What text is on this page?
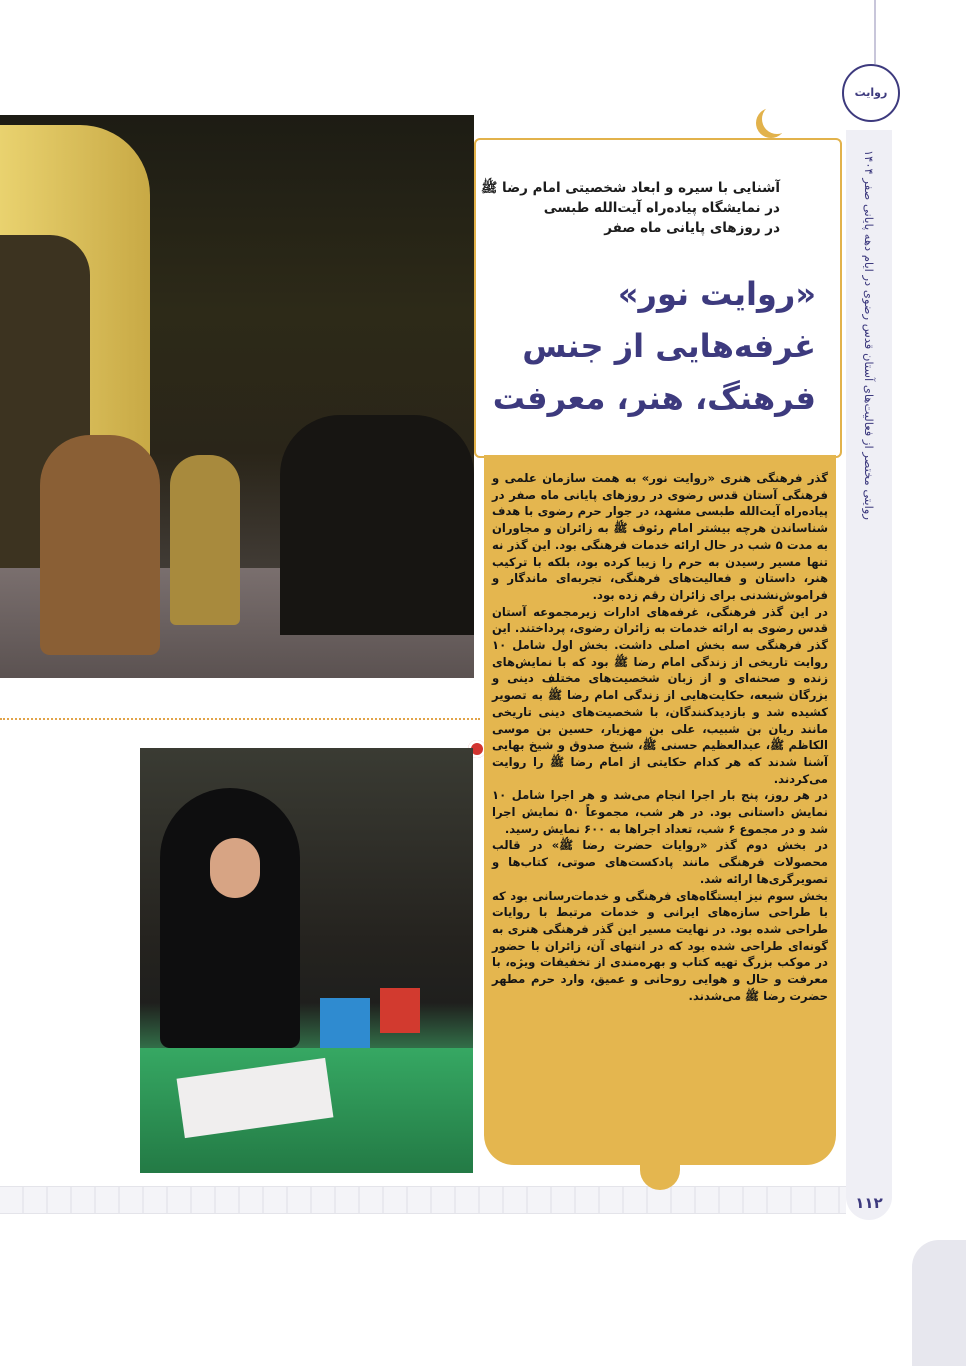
روایت
روایتی مختصر از فعالیت‌های آستان قدس رضوی در ایام دهه پایانی صفر ۱۴۰۴
۱۱۲
آشنایی با سیره و ابعاد شخصیتی امام رضا ﷺ
در نمایشگاه پیاده‌راه آیت‌الله طبسی
در روزهای پایانی ماه صفر
«روایت نور»
غرفه‌هایی از جنس
فرهنگ، هنر، معرفت

گذر فرهنگی هنری «روایت نور» به همت سازمان علمی و فرهنگی آستان قدس رضوی در روزهای پایانی ماه صفر در پیاده‌راه آیت‌الله طبسی مشهد، در جوار حرم رضوی با هدف شناساندن هرچه بیشتر امام رئوف ﷺ به زائران و مجاوران به مدت ۵ شب در حال ارائه خدمات فرهنگی بود. این گذر نه تنها مسیر رسیدن به حرم را زیبا کرده بود، بلکه با ترکیب هنر، داستان و فعالیت‌های فرهنگی، تجربه‌ای ماندگار و فراموش‌نشدنی برای زائران رقم زده بود.

در این گذر فرهنگی، غرفه‌های ادارات زیرمجموعه آستان قدس رضوی به ارائه خدمات به زائران رضوی، پرداختند. این گذر فرهنگی سه بخش اصلی داشت. بخش اول شامل ۱۰ روایت تاریخی از زندگی امام رضا ﷺ بود که با نمایش‌های زنده و صحنه‌ای و از زبان شخصیت‌های مختلف دینی و بزرگان شیعه، حکایت‌هایی از زندگی امام رضا ﷺ به تصویر کشیده شد و بازدیدکنندگان، با شخصیت‌های دینی تاریخی مانند ریان بن شبیب، علی بن مهزیار، حسین بن موسی الکاظم ﷺ، عبدالعظیم حسنی ﷺ، شیخ صدوق و شیخ بهایی آشنا شدند که هر کدام حکایتی از امام رضا ﷺ را روایت می‌کردند.

در هر روز، پنج بار اجرا انجام می‌شد و هر اجرا شامل ۱۰ نمایش داستانی بود. در هر شب، مجموعاً ۵۰ نمایش اجرا شد و در مجموع ۶ شب، تعداد اجراها به ۶۰۰ نمایش رسید.

در بخش دوم گذر «روایات حضرت رضا ﷺ» در قالب محصولات فرهنگی مانند پادکست‌های صوتی، کتاب‌ها و تصویرگری‌ها ارائه شد.

بخش سوم نیز ایستگاه‌های فرهنگی و خدمات‌رسانی بود که با طراحی سازه‌های ایرانی و خدمات مرتبط با روایات طراحی شده بود. در نهایت مسیر این گذر فرهنگی هنری به گونه‌ای طراحی شده بود که در انتهای آن، زائران با حضور در موکب بزرگ تهیه کتاب و بهره‌مندی از تخفیفات ویژه، با معرفت و حال و هوایی روحانی و عمیق، وارد حرم مطهر حضرت رضا ﷺ می‌شدند.
